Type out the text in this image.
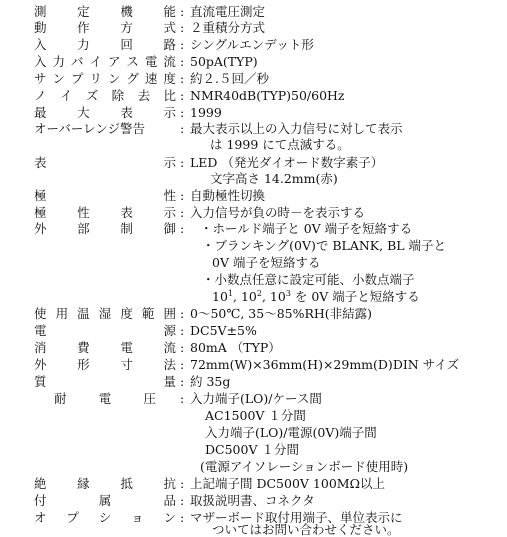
測 定 機 能 : 直流電圧測定
動 作 方 式 : ２重積分方式
入 力 回 路 : シングルエンデット形
入 力 バ イ ア ス 電 流 : 50pA(TYP)
サ ン プ リ ン グ 速 度 : 約２.５回／秒
ノ イ ズ 除 去 比 : NMR40dB(TYP)50/60Hz
最 大 表 示 : 1999
オーバーレンジ警告	: 最大表示以上の入力信号に対して表示
は 1999 にて点滅する。
表	示 : LED （発光ダイオード数字素子）
文字高さ 14.2mm(赤)
極	性 : 自動極性切換
極 性 表 示 : 入力信号が負の時－を表示する
外 部 制 御 : ・ホールド端子と 0V 端子を短絡する
・ブランキング(0V)で BLANK, BL 端子と
0V 端子を短絡する
・小数点任意に設定可能、小数点端子
$10^1$, $10^2$, $10^3$ を 0V 端子と短絡する
使 用 温 湿 度 範 囲 : 0～50℃, 35～85%RH(非結露)
電	源 : DC5V±5%
消 費 電 流 : 80mA （TYP）
外 形 寸 法 : 72mm(W)×36mm(H)×29mm(D)DIN サイズ
質	量 : 約 35g
耐	電	圧 : 入力端子(LO)/ケース間
AC1500V １分間
入力端子(LO)/電源(0V)端子間
DC500V １分間
(電源アイソレーションボード使用時)
絶 縁 抵 抗 : 上記端子間 DC500V 100MΩ以上
付	属	品 : 取扱説明書、コネクタ
オ プ シ ョ ン : マザーボード取付用端子、単位表示に
ついてはお問い合わせください。
